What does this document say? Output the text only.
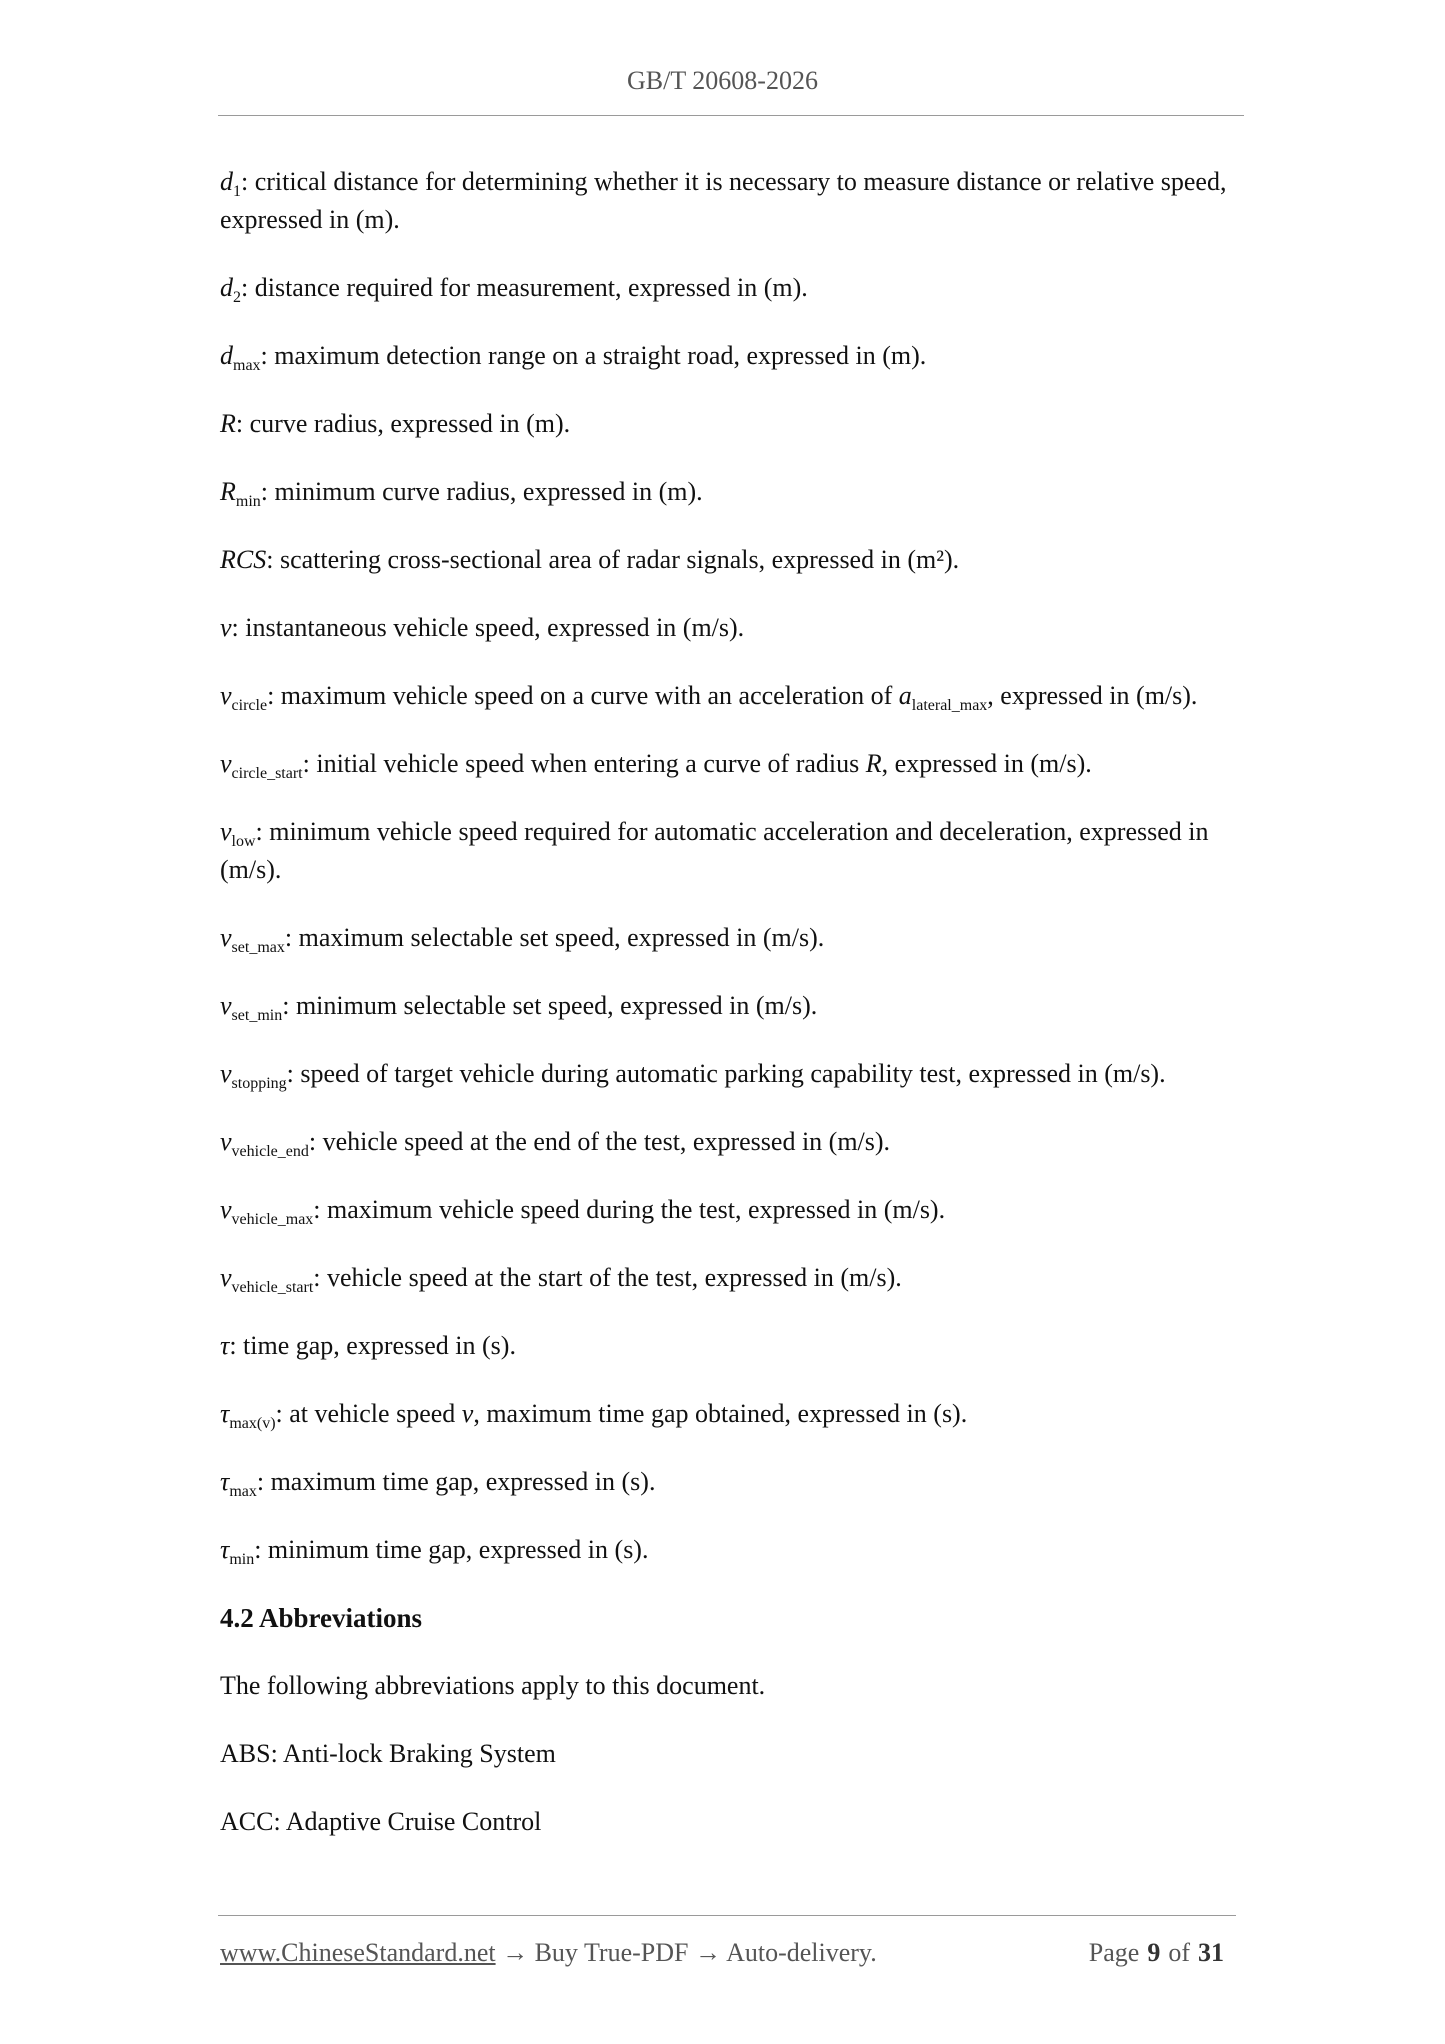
GB/T 20608-2026
$d_1$: critical distance for determining whether it is necessary to measure distance or relative speed, expressed in (m).
$d_2$: distance required for measurement, expressed in (m).
$d_{max}$: maximum detection range on a straight road, expressed in (m).
R: curve radius, expressed in (m).
$R_{min}$: minimum curve radius, expressed in (m).
RCS: scattering cross-sectional area of radar signals, expressed in (m²).
v: instantaneous vehicle speed, expressed in (m/s).
$v_{circle}$: maximum vehicle speed on a curve with an acceleration of $a_{lateral\_max}$, expressed in (m/s).
$v_{circle\_start}$: initial vehicle speed when entering a curve of radius R, expressed in (m/s).
$v_{low}$: minimum vehicle speed required for automatic acceleration and deceleration, expressed in (m/s).
$v_{set\_max}$: maximum selectable set speed, expressed in (m/s).
$v_{set\_min}$: minimum selectable set speed, expressed in (m/s).
$v_{stopping}$: speed of target vehicle during automatic parking capability test, expressed in (m/s).
$v_{vehicle\_end}$: vehicle speed at the end of the test, expressed in (m/s).
$v_{vehicle\_max}$: maximum vehicle speed during the test, expressed in (m/s).
$v_{vehicle\_start}$: vehicle speed at the start of the test, expressed in (m/s).
τ: time gap, expressed in (s).
$\tau_{max(v)}$: at vehicle speed v, maximum time gap obtained, expressed in (s).
$\tau_{max}$: maximum time gap, expressed in (s).
$\tau_{min}$: minimum time gap, expressed in (s).
4.2 Abbreviations
The following abbreviations apply to this document.
ABS: Anti-lock Braking System
ACC: Adaptive Cruise Control
www.ChineseStandard.net → Buy True-PDF → Auto-delivery.	Page 9 of 31
